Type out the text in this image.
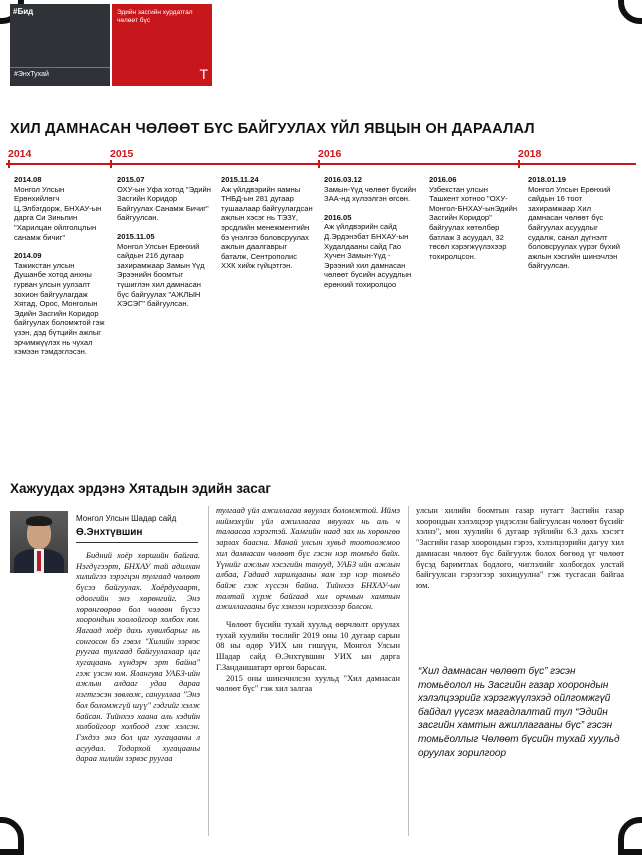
#Бид
#ЭнхТухай
Эдийн засгийн хурдатгал чөлөөт бүс
T
ХИЛ ДАМНАСАН ЧӨЛӨӨТ БҮС БАЙГУУЛАХ ҮЙЛ ЯВЦЫН ОН ДАРААЛАЛ
2014	2015	2016	2018
2014.08
Монгол Улсын Ерөнхийлөгч Ц.Элбэгдорж, БНХАУ-ын дарга Си Зиньпин "Харилцан ойлголцлын санамж бичиг"
2014.09
Тажикстан улсын Душанбе хотод анхны гурван улсын уулзалт зохион байгуулагдаж Хятад, Орос, Монголын Эдийн Засгийн Коридор байгуулах боломжтой гэж үзэн, дэд бүтцийн ажлыг эрчимжүүлэх нь чухал хэмээн тэмдэглэсэн.
2015.07
ОХУ-ын Уфа хотод "Эдийн Засгийн Коридор Байгуулах Санамж Бичиг" байгуулсан.
2015.11.05
Монгол Улсын Ерөнхий сайдын 216 дугаар захирамжаар Замын Үүд Эрээнийн боомтыг түшиглэн хил дамнасан бүс байгуулах "АЖЛЫН ХЭСЭГ" байгуулсан.
2015.11.24
Аж үйлдвэрийн яамны ТНБД-ын 281 дугаар тушаалаар байгуулагдсан ажлын хэсэг нь ТЭЗҮ, эрсдлийн менежментийн бэ үнэлгээ боловсруулах ажлын даалгаврыг баталж, Сентрополис ХХК хийж гүйцэтгэн.
2016.03.12
Замын-Үүд чөлөөт бүсийн ЗАА-нд хүлээлгэн өгсөн.
2016.05
Аж үйлдвэрийн сайд Д.Эрдэнэбат БНХАУ-ын Худалдааны сайд Гао Хучен Замын-Үүд - Эрээний хил дамнасан чөлөөт бүсийн асуудлын ерөнхий тохиролцоо
2016.06
Узбекстан улсын Ташкент хотноо "ОХУ-Монгол-БНХАУ-ынЭдийн Засгийн Коридор" байгуулах хөтөлбөр батлаж 3 асуудал, 32 төсөл хэрэгжүүлэхээр тохиролцсон.
2018.01.19
Монгол Улсын Ерөнхий сайдын 16 тоот захирамжаар Хил дамнасан чөлөөт бүс байгуулах асуудлыг судалж, санал дүгнэлт боловсруулах үүрэг бүхий ажлын хэсгийн шинэчлэн байгуулсан.
Хажуудах эрдэнэ Хятадын эдийн засаг
Монгол Улсын Шадар сайд
Ө.Энхтүвшин

Бидний хоёр хөршийн байгаа. Нэгдүгээрт, БНХАУ тай адилхан хилийгээ зэрэгцэн тулгаад чөлөөт бүсээ байгуулах. Хоёрдугаарт, одоогийн энэ хөрөнгийг. Энэ хөрөнгөөрөө бол чөлөөн бүсээ хоорондын хоолойгоор холбох юм. Яагаад хоёр дахь хувилбарыг нь сонгосон бэ гэвэл "Хилийн зэрвэс руугаа тулгаад байгуулахаар цаг хугацаань хүндэрч эрт байна" гэж үзсэн юм. Ялангуяа УАБЗ-ийн ажлын алдааг удаа дараа нэгтгэсэн зөвлөж, санууллаа "Энэ бол боломжгүй шүү" гэдгийг хэлж байсан. Тийнхээ хаана аль хэдийн холбойгоор холбоод гэж хэлсэн. Гэхдээ энэ бол цаг хугацааны л асуудал. Тодорхой хугацааны дараа хилийн зэрвэс руугаа

тулгаад үйл ажиллагаа явуулах боломжтой. Иймэ ниймэхүйн үйл ажиллагаа явуулах нь аль ч талаасаа хэрэгтэй. Хамгийн наад зах нь хөрөнгөө зарлах баасна. Манай улсын хувьд тоотоожмоо хил дамнасан чөлөөт бүс гэсэн нэр томъёо байх. Үүнийг ажлын хэсэгийн танууд, УАБЗ ийн ажлын албаа, Гадаад харилцааны яам зэр нэр томъёо байж гэж хүссэн байна. Тийнхээ БНХАУ-ын талтай хүрж байгаад хил орчмын хамтын ажиллагааны бүс хэмээн нэрлэхэээр болсон.

Чөлөөт бүсийн тухай хуульд өөрчлөлт оруулах тухай хуулийн төслийг 2019 оны 10 дугаар сарын 08 ны өдөр УИХ ын гишүүн, Монгол Улсын Шадар сайд Ө.Энхтүвшин УИХ ын дарга Г.Занданшатарт өргөн барьсан.

2015 оны шинэчилсэн хуульд "Хил дамнасан чөлөөт бүс" гэж хил залгаа

улсын хилийн боомтын газар нутагт Засгийн газар хоорондын хэлэлцээр үндэслэн байгуулсан чөлөөт бүсийг хэлнэ", мөн хуулийн 6 дугаар зүйлийн 6.3 дахь хэсэгт "Засгийн газар хоорондын гэрээ, хэлэлцээрийн дагуу хил дамнасан чөлөөт бүс байгуулж болох бөгөөд үг чөлөөт бүсэд баримтлах бодлого, чиглэлийг холбогдох улстай байгуулсан гэрээгээр зохицуулна" гэж тусгасан байгаа юм.

“Хил дамнасан чөлөөт бүс” гэсэн томьёолол нь Засгийн газар хоорондын хэлэлцээрийг хэрэгжүүлэхэд ойлгомжгүй байдал үүсгэх магадлалтай тул “Эдийн засгийн хамтын ажиллагааны бүс” гэсэн томьёоллыг Чөлөөт бүсийн тухай хуульд оруулах зорилгоор
